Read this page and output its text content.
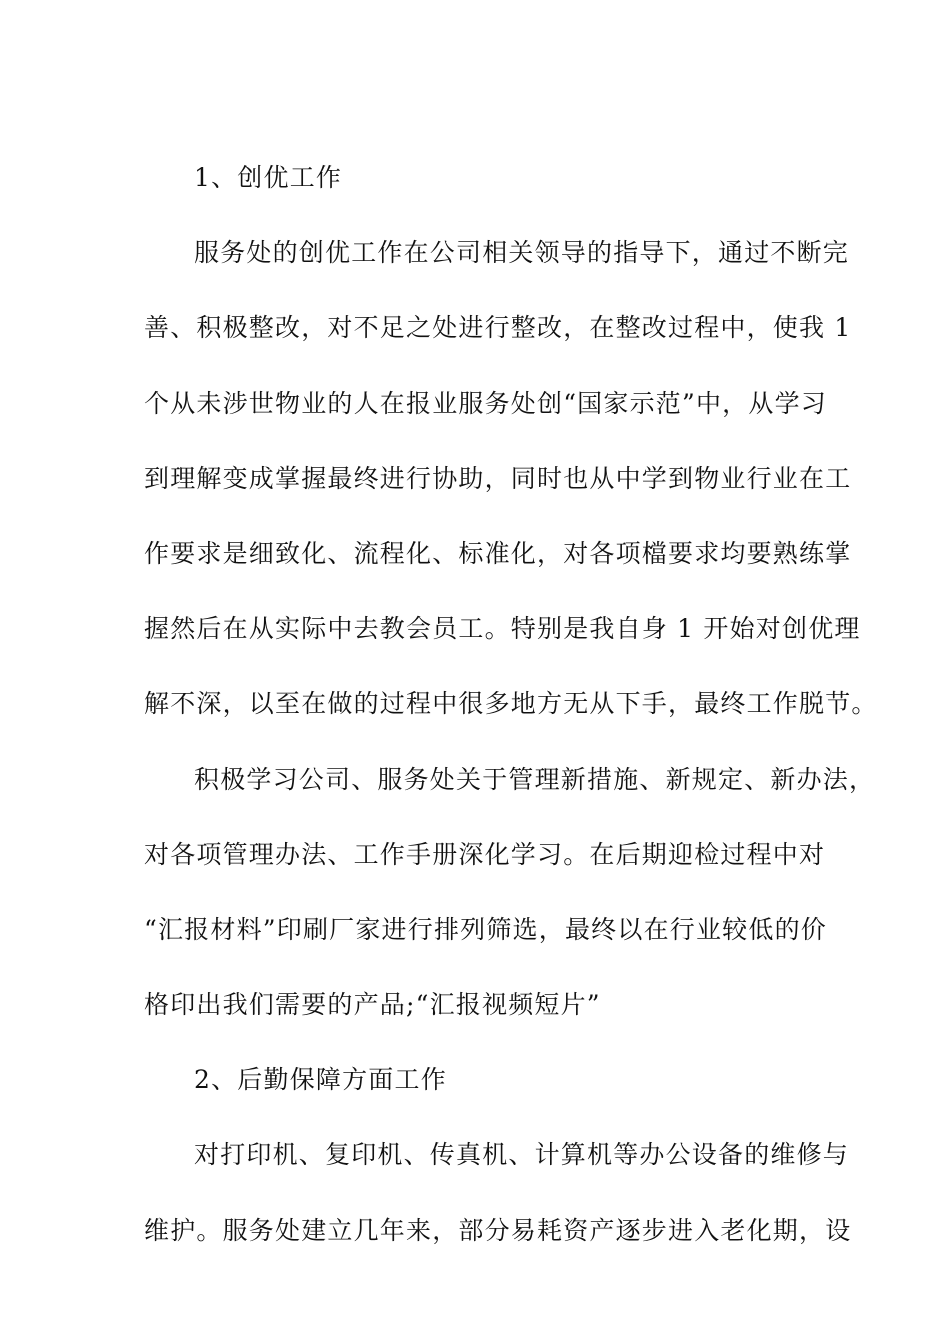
1、创优工作

服务处的创优工作在公司相关领导的指导下，通过不断完

善、积极整改，对不足之处进行整改，在整改过程中，使我 1

个从未涉世物业的人在报业服务处创“国家示范”中，从学习

到理解变成掌握最终进行协助，同时也从中学到物业行业在工

作要求是细致化、流程化、标准化，对各项檔要求均要熟练掌

握然后在从实际中去教会员工。特别是我自身 1 开始对创优理

解不深，以至在做的过程中很多地方无从下手，最终工作脱节。

积极学习公司、服务处关于管理新措施、新规定、新办法，

对各项管理办法、工作手册深化学习。在后期迎检过程中对

“汇报材料”印刷厂家进行排列筛选，最终以在行业较低的价

格印出我们需要的产品;“汇报视频短片”

2、后勤保障方面工作

对打印机、复印机、传真机、计算机等办公设备的维修与

维护。服务处建立几年来，部分易耗资产逐步进入老化期，设
